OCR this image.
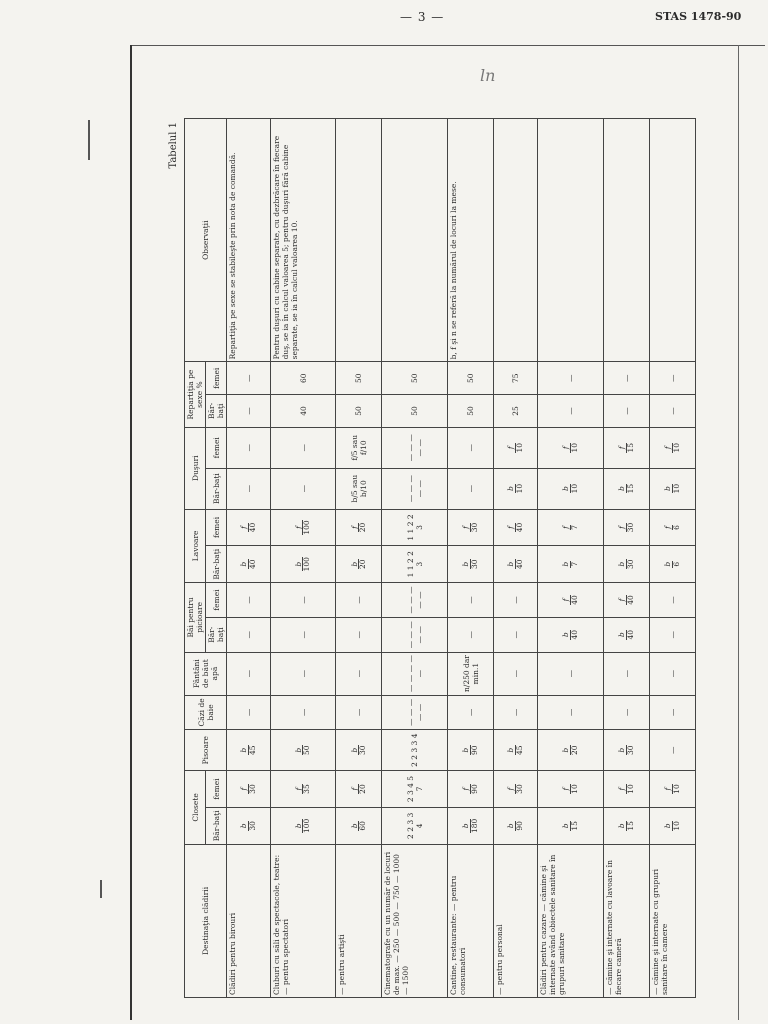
— 3 —	STAS 1478-90
ln
Tabelul 1
Destinaţia clădirii	Closete		Pisoare	Căzi de baie	Fântâni de băut apă	Băi pentru picioare		Lavoare		Duşuri		Repartiţia pe sexe %		Observaţii
	Băr-baţi	femei				Băr-baţi	femei	Băr-baţi	femei	Băr-baţi	femei	Băr-baţi	femei	
Clădiri pentru birouri	b 30	f 30	b 45	—	—	—	—	b 40	f 40	—	—	—	—	Repartiţia pe sexe se stabileşte prin nota de comandă.
Cluburi cu săli de spectacole, teatre: — pentru spectatori	b 100	f 35	b 50	—	—	—	—	b 100	f 100	—	—	40	60	Pentru duşuri cu cabine separate, cu dezbrăcare în fiecare duş, se ia în calcul valoarea 5; pentru duşuri fără cabine separate, se ia în calcul valoarea 10.
— pentru artişti	b 60	f 20	b 30	—	—	—	—	b 20	f 20	b/5 sau b/10	f/5 sau f/10	50	50	
Cinematografe cu un număr de locuri de max. — 250 — 500 — 750 — 1000 — 1500	2 2 3 3 4	2 3 4 5 7	2 2 3 3 4	— — — — —	— — — — —	— — — — —	— — — — —	1 1 2 2 3	1 1 2 2 3	— — — — —	— — — — —	50	50	
Cantine, restaurante: — pentru consumatori	b 180	f 90	b 90	—	n/250 dar min.1	—	—	b 30	f 30	—	—	50	50	b, f şi n se referă la numărul de locuri la mese.
— pentru personal	b 90	f 30	b 45	—	—	—	—	b 40	f 40	b 10	f 10	25	75	
Clădiri pentru cazare — cămine şi internate având obiectele sanitare în grupuri sanitare	b 15	f 10	b 20	—	—	b 40	f 40	b 7	f 7	b 10	f 10	—	—	
— cămine şi internate cu lavoare în fiecare cameră	b 15	f 10	b 30	—	—	b 40	f 40	b 30	f 30	b 15	f 15	—	—	
— cămine şi internate cu grupuri sanitare în camere	b 10	f 10	—	—	—	—	—	b 6	f 6	b 10	f 10	—	—	
